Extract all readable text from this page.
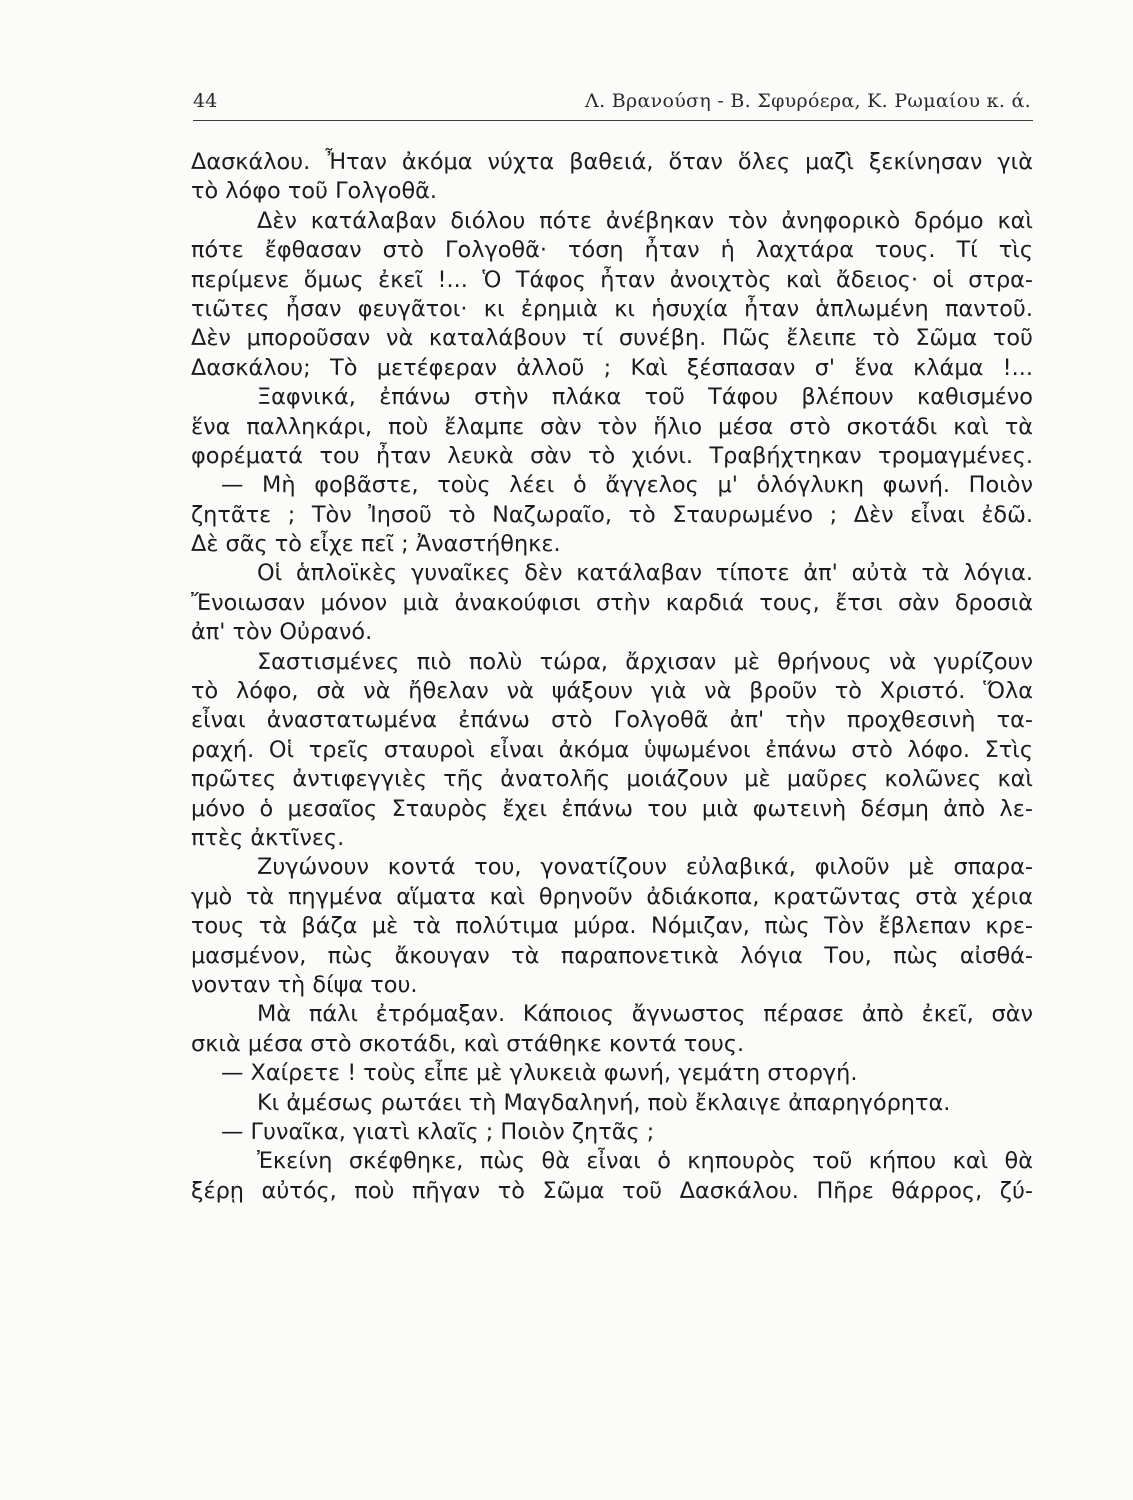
44	Λ. Βρανούση - Β. Σφυρόερα, Κ. Ρωμαίου κ. ά.
Δασκάλου. Ἦταν ἀκόμα νύχτα βαθειά, ὅταν ὅλες μαζὶ ξεκίνησαν γιὰ
τὸ λόφο τοῦ Γολγοθᾶ.
Δὲν κατάλαβαν διόλου πότε ἀνέβηκαν τὸν ἀνηφορικὸ δρόμο καὶ
πότε ἔφθασαν στὸ Γολγοθᾶ· τόση ἦταν ἡ λαχτάρα τους. Τί τὶς
περίμενε ὅμως ἐκεῖ !... Ὁ Τάφος ἦταν ἀνοιχτὸς καὶ ἄδειος· οἱ στρα-
τιῶτες ἦσαν φευγᾶτοι· κι ἐρημιὰ κι ἡσυχία ἦταν ἁπλωμένη παντοῦ.
Δὲν μποροῦσαν νὰ καταλάβουν τί συνέβη. Πῶς ἔλειπε τὸ Σῶμα τοῦ
Δασκάλου; Τὸ μετέφεραν ἀλλοῦ ; Καὶ ξέσπασαν σ' ἕνα κλάμα !...
Ξαφνικά, ἐπάνω στὴν πλάκα τοῦ Τάφου βλέπουν καθισμένο
ἕνα παλληκάρι, ποὺ ἔλαμπε σὰν τὸν ἥλιο μέσα στὸ σκοτάδι καὶ τὰ
φορέματά του ἦταν λευκὰ σὰν τὸ χιόνι. Τραβήχτηκαν τρομαγμένες.
— Μὴ φοβᾶστε, τοὺς λέει ὁ ἄγγελος μ' ὁλόγλυκη φωνή. Ποιὸν
ζητᾶτε ; Τὸν Ἰησοῦ τὸ Ναζωραῖο, τὸ Σταυρωμένο ; Δὲν εἶναι ἐδῶ.
Δὲ σᾶς τὸ εἶχε πεῖ ; Ἀναστήθηκε.
Οἱ ἁπλοϊκὲς γυναῖκες δὲν κατάλαβαν τίποτε ἀπ' αὐτὰ τὰ λόγια.
Ἔνοιωσαν μόνον μιὰ ἀνακούφισι στὴν καρδιά τους, ἔτσι σὰν δροσιὰ
ἀπ' τὸν Οὐρανό.
Σαστισμένες πιὸ πολὺ τώρα, ἄρχισαν μὲ θρήνους νὰ γυρίζουν
τὸ λόφο, σὰ νὰ ἤθελαν νὰ ψάξουν γιὰ νὰ βροῦν τὸ Χριστό. Ὅλα
εἶναι ἀναστατωμένα ἐπάνω στὸ Γολγοθᾶ ἀπ' τὴν προχθεσινὴ τα-
ραχή. Οἱ τρεῖς σταυροὶ εἶναι ἀκόμα ὑψωμένοι ἐπάνω στὸ λόφο. Στὶς
πρῶτες ἀντιφεγγιὲς τῆς ἀνατολῆς μοιάζουν μὲ μαῦρες κολῶνες καὶ
μόνο ὁ μεσαῖος Σταυρὸς ἔχει ἐπάνω του μιὰ φωτεινὴ δέσμη ἀπὸ λε-
πτὲς ἀκτῖνες.
Ζυγώνουν κοντά του, γονατίζουν εὐλαβικά, φιλοῦν μὲ σπαρα-
γμὸ τὰ πηγμένα αἵματα καὶ θρηνοῦν ἀδιάκοπα, κρατῶντας στὰ χέρια
τους τὰ βάζα μὲ τὰ πολύτιμα μύρα. Νόμιζαν, πὼς Τὸν ἔβλεπαν κρε-
μασμένον, πὼς ἄκουγαν τὰ παραπονετικὰ λόγια Του, πὼς αἰσθά-
νονταν τὴ δίψα του.
Μὰ πάλι ἐτρόμαξαν. Κάποιος ἄγνωστος πέρασε ἀπὸ ἐκεῖ, σὰν
σκιὰ μέσα στὸ σκοτάδι, καὶ στάθηκε κοντά τους.
— Χαίρετε ! τοὺς εἶπε μὲ γλυκειὰ φωνή, γεμάτη στοργή.
Κι ἀμέσως ρωτάει τὴ Μαγδαληνή, ποὺ ἔκλαιγε ἀπαρηγόρητα.
— Γυναῖκα, γιατὶ κλαῖς ; Ποιὸν ζητᾶς ;
Ἐκείνη σκέφθηκε, πὼς θὰ εἶναι ὁ κηπουρὸς τοῦ κήπου καὶ θὰ
ξέρῃ αὐτός, ποὺ πῆγαν τὸ Σῶμα τοῦ Δασκάλου. Πῆρε θάρρος, ζύ-
